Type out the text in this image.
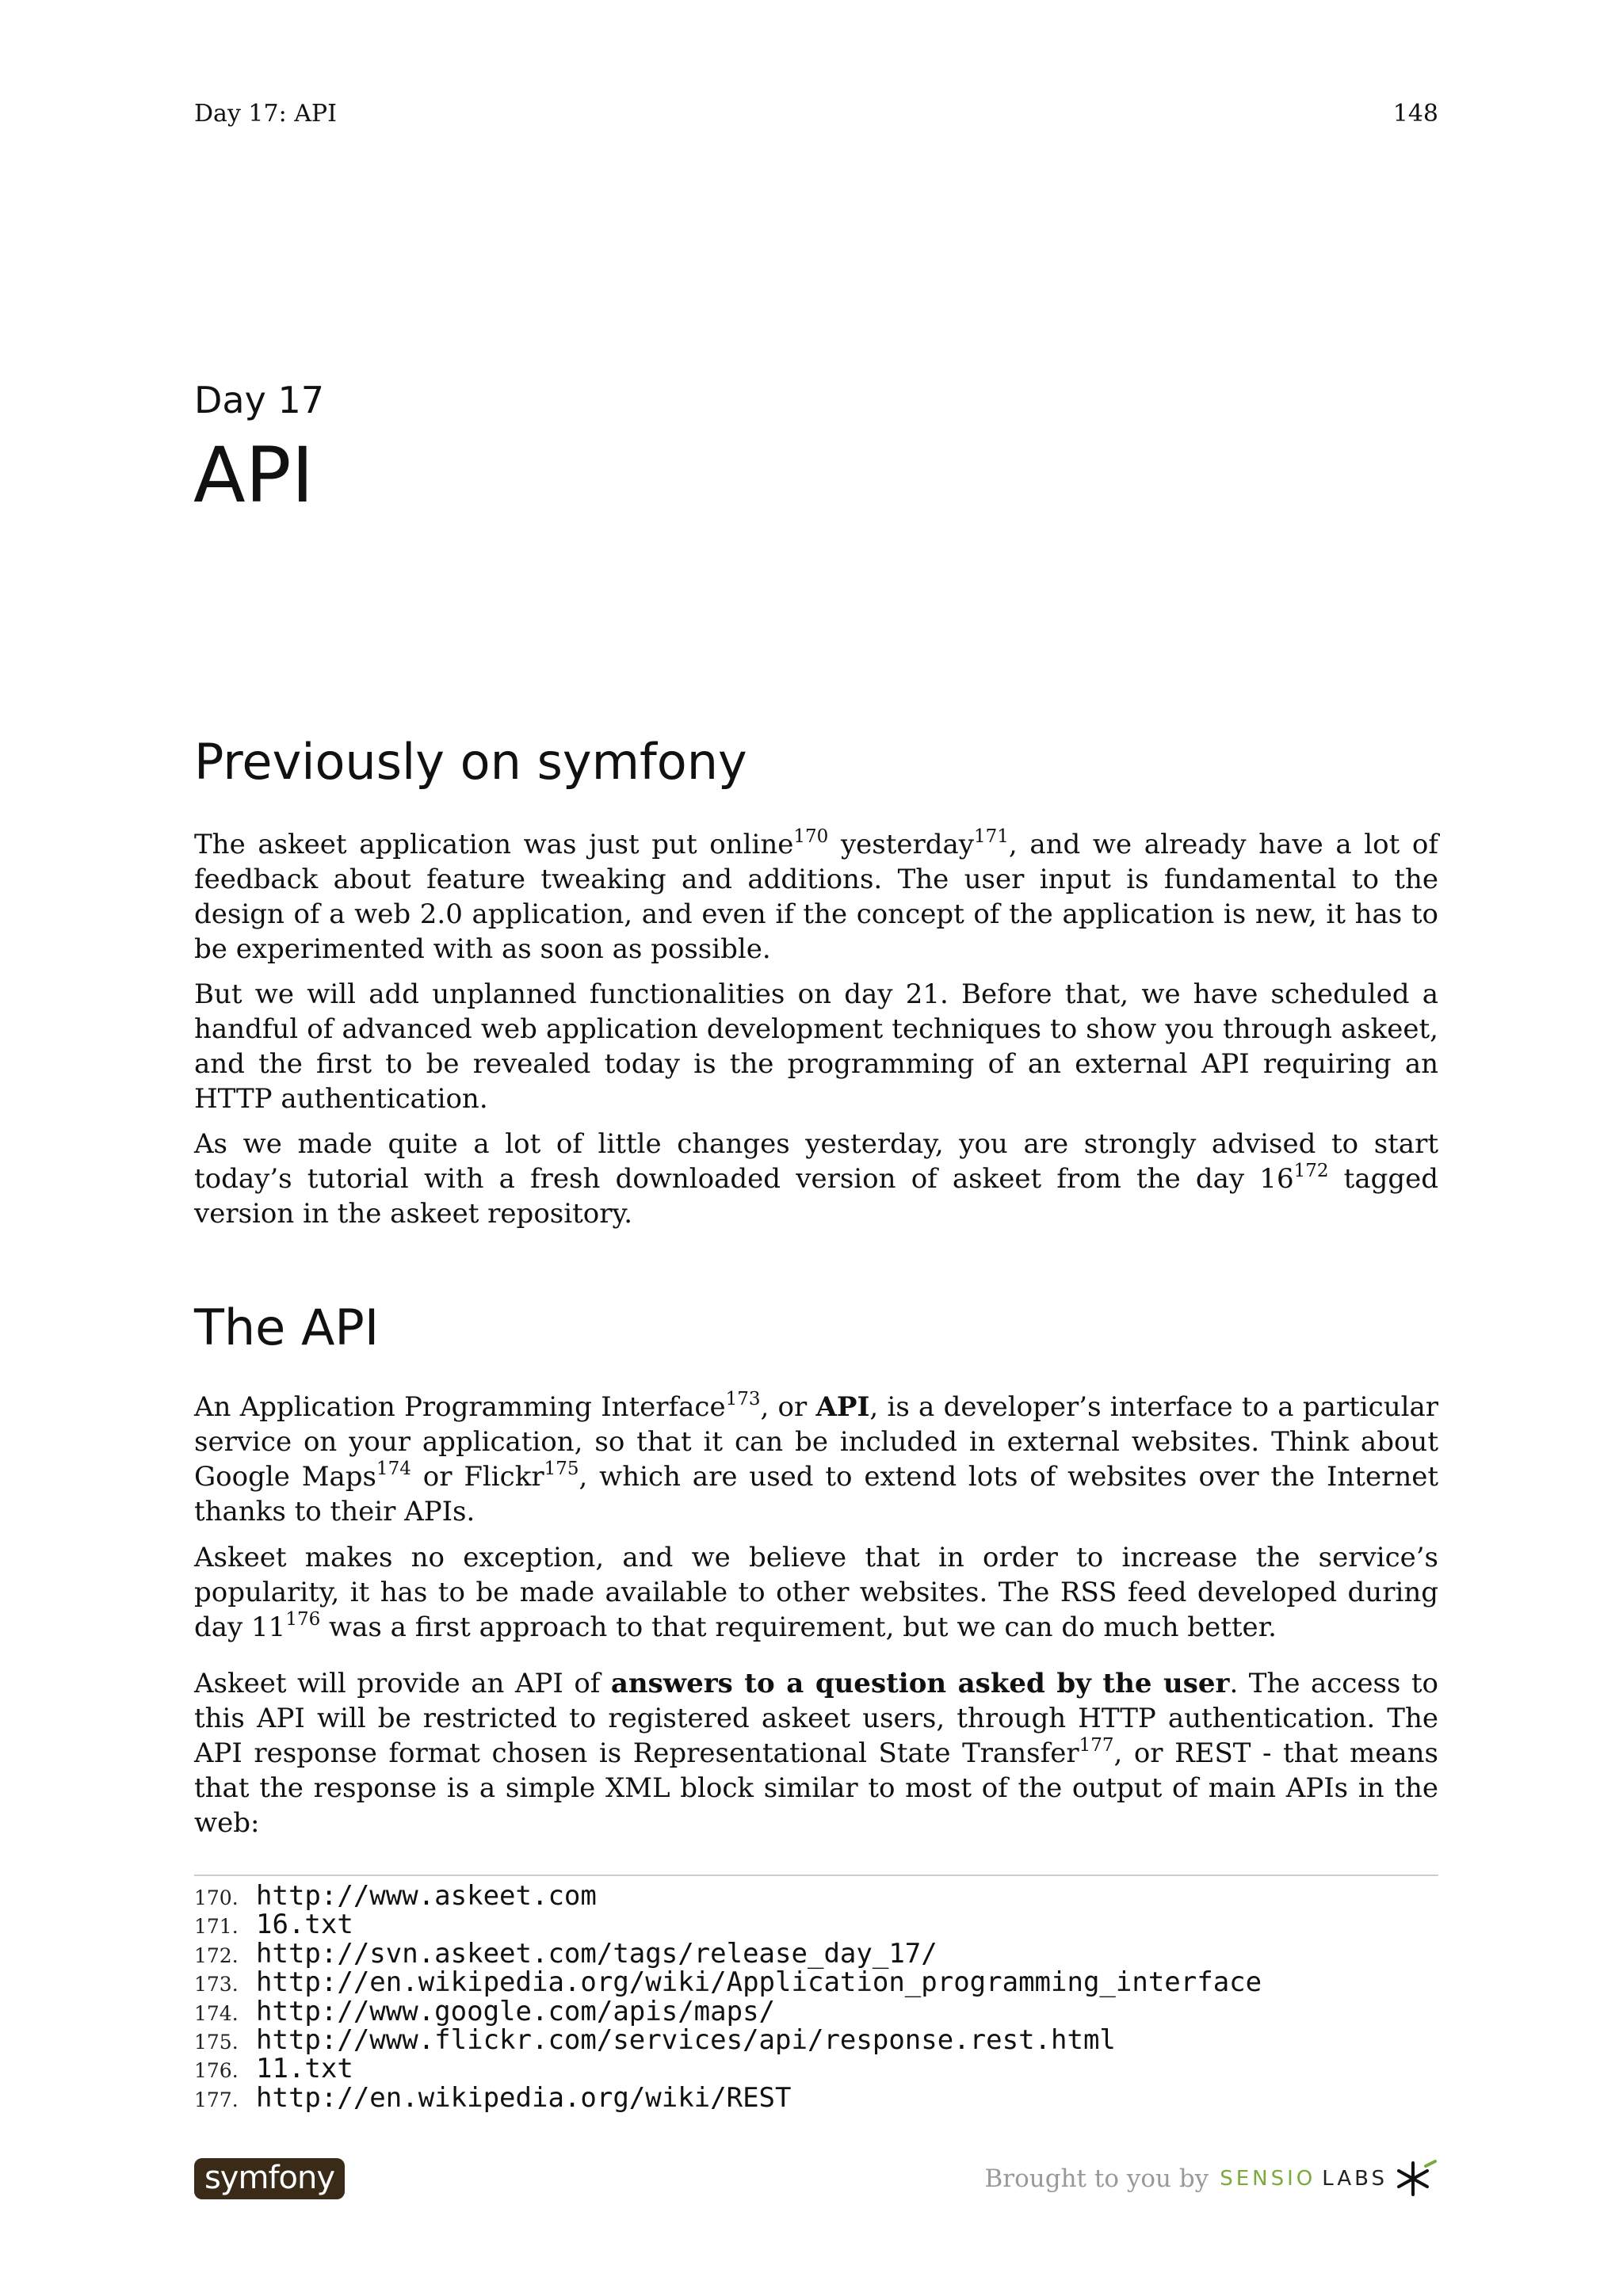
Day 17: API	148
Day 17
API
Previously on symfony

The askeet application was just put online$^{170}$ yesterday$^{171}$, and we already have a lot of feedback about feature tweaking and additions. The user input is fundamental to the design of a web 2.0 application, and even if the concept of the application is new, it has to be experimented with as soon as possible.

But we will add unplanned functionalities on day 21. Before that, we have scheduled a handful of advanced web application development techniques to show you through askeet, and the first to be revealed today is the programming of an external API requiring an HTTP authentication.

As we made quite a lot of little changes yesterday, you are strongly advised to start today’s tutorial with a fresh downloaded version of askeet from the day $16^{172}$ tagged version in the askeet repository.

The API

An Application Programming Interface$^{173}$, or API, is a developer’s interface to a particular service on your application, so that it can be included in external websites. Think about Google Maps$^{174}$ or Flickr$^{175}$, which are used to extend lots of websites over the Internet thanks to their APIs.

Askeet makes no exception, and we believe that in order to increase the service’s popularity, it has to be made available to other websites. The RSS feed developed during day $11^{176}$ was a first approach to that requirement, but we can do much better.

Askeet will provide an API of answers to a question asked by the user. The access to this API will be restricted to registered askeet users, through HTTP authentication. The API response format chosen is Representational State Transfer$^{177}$, or REST - that means that the response is a simple XML block similar to most of the output of main APIs in the web:

170. http://www.askeet.com
171. 16.txt
172. http://svn.askeet.com/tags/release_day_17/
173. http://en.wikipedia.org/wiki/Application_programming_interface
174. http://www.google.com/apis/maps/
175. http://www.flickr.com/services/api/response.rest.html
176. 11.txt
177. http://en.wikipedia.org/wiki/REST
symfony	Brought to you by SENSIO LABS
